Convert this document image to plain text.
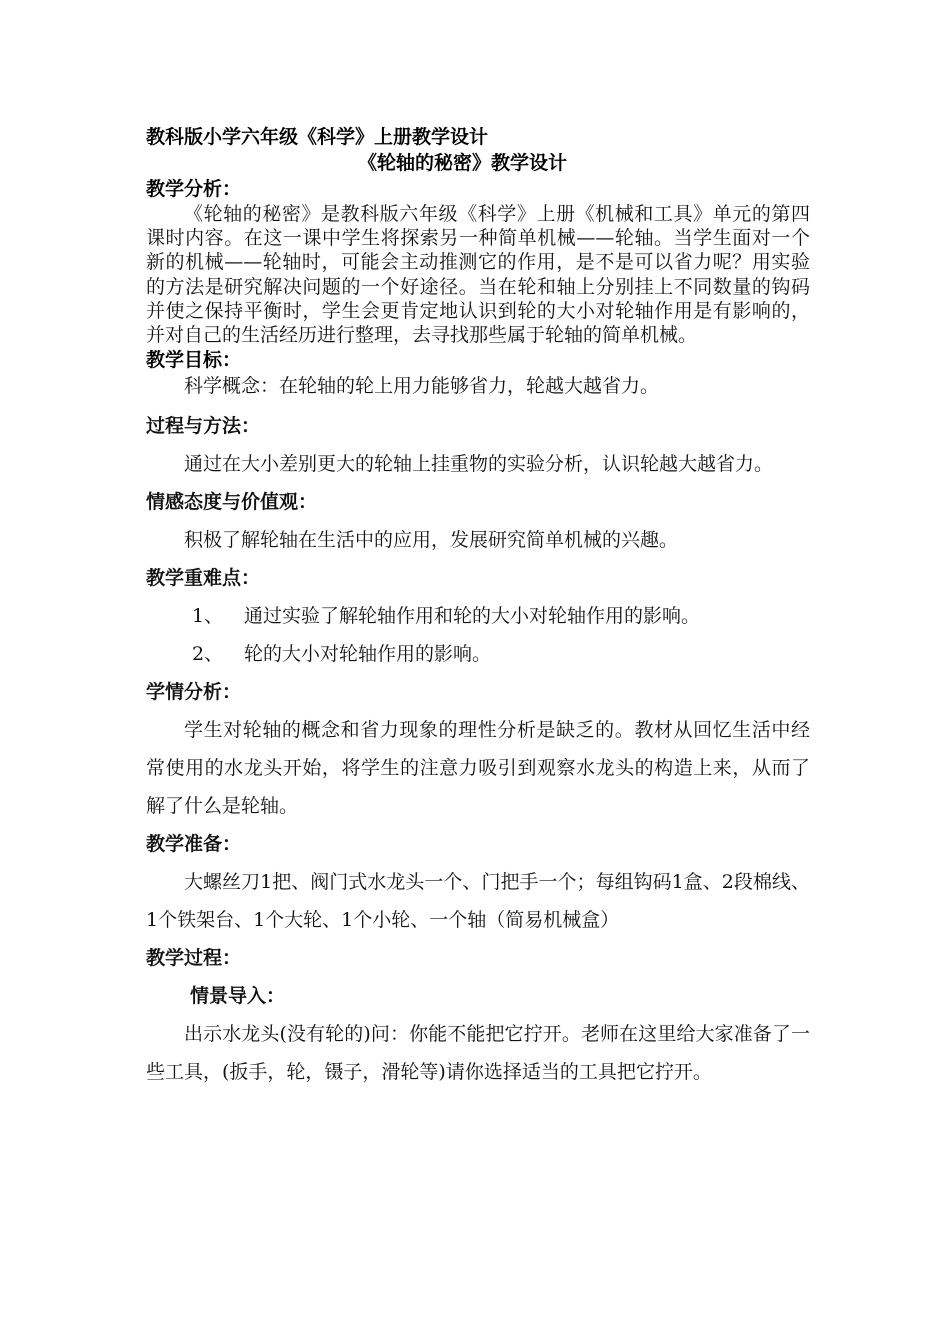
教科版小学六年级《科学》上册教学设计
《轮轴的秘密》教学设计
教学分析：
《轮轴的秘密》是教科版六年级《科学》上册《机械和工具》单元的第四课时内容。在这一课中学生将探索另一种简单机械——轮轴。当学生面对一个新的机械——轮轴时，可能会主动推测它的作用，是不是可以省力呢？用实验的方法是研究解决问题的一个好途径。当在轮和轴上分别挂上不同数量的钩码并使之保持平衡时，学生会更肯定地认识到轮的大小对轮轴作用是有影响的，并对自己的生活经历进行整理，去寻找那些属于轮轴的简单机械。
教学目标：
科学概念：在轮轴的轮上用力能够省力，轮越大越省力。
过程与方法：
通过在大小差别更大的轮轴上挂重物的实验分析，认识轮越大越省力。
情感态度与价值观：
积极了解轮轴在生活中的应用，发展研究简单机械的兴趣。
教学重难点：
1、 通过实验了解轮轴作用和轮的大小对轮轴作用的影响。
2、 轮的大小对轮轴作用的影响。
学情分析：
学生对轮轴的概念和省力现象的理性分析是缺乏的。教材从回忆生活中经常使用的水龙头开始，将学生的注意力吸引到观察水龙头的构造上来，从而了解了什么是轮轴。
教学准备：
大螺丝刀1把、阀门式水龙头一个、门把手一个；每组钩码1盒、2段棉线、1个铁架台、1个大轮、1个小轮、一个轴（简易机械盒）
教学过程：
情景导入：
出示水龙头(没有轮的)问：你能不能把它拧开。老师在这里给大家准备了一些工具，(扳手，轮，镊子，滑轮等)请你选择适当的工具把它拧开。
